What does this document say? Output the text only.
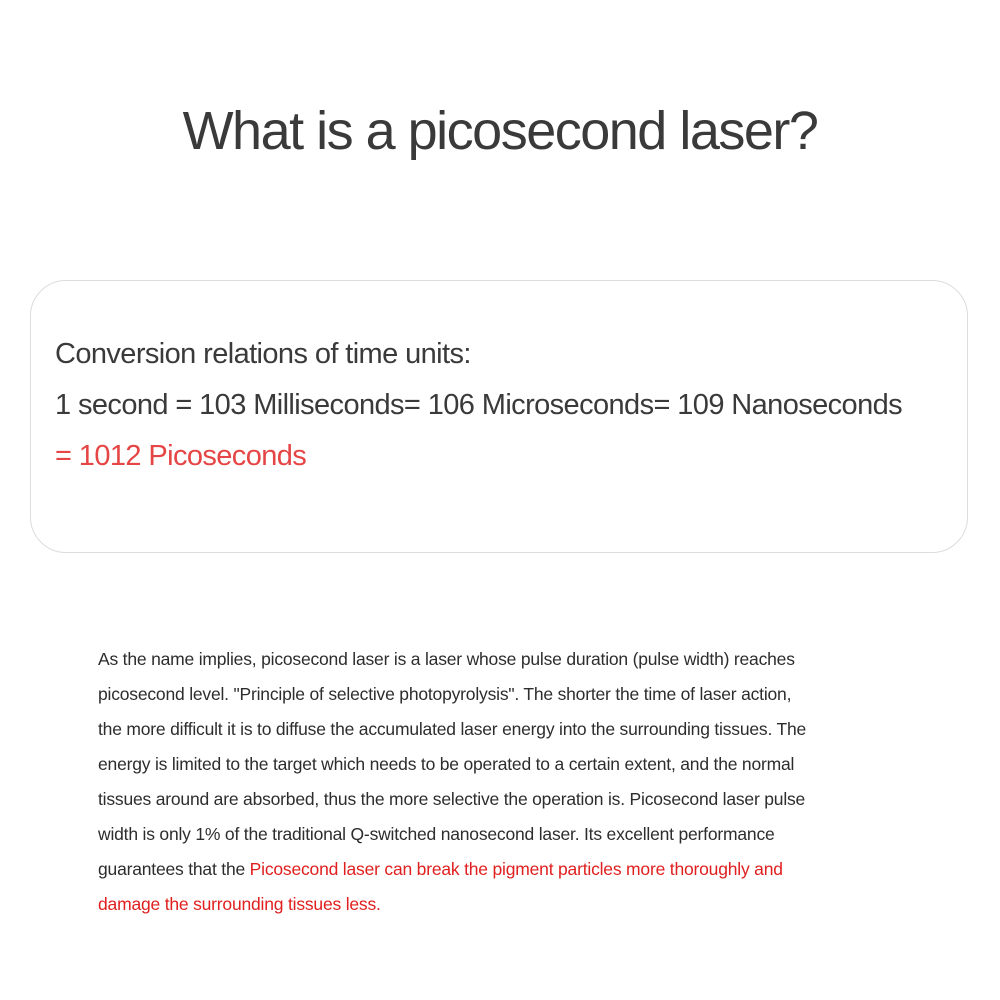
What is a picosecond laser?

Conversion relations of time units:

1 second = 103 Milliseconds= 106 Microseconds= 109 Nanoseconds

= 1012 Picoseconds

As the name implies, picosecond laser is a laser whose pulse duration (pulse width) reaches
picosecond level. "Principle of selective photopyrolysis". The shorter the time of laser action,
the more difficult it is to diffuse the accumulated laser energy into the surrounding tissues. The
energy is limited to the target which needs to be operated to a certain extent, and the normal
tissues around are absorbed, thus the more selective the operation is. Picosecond laser pulse
width is only 1% of the traditional Q-switched nanosecond laser. Its excellent performance
guarantees that the Picosecond laser can break the pigment particles more thoroughly and
damage the surrounding tissues less.
